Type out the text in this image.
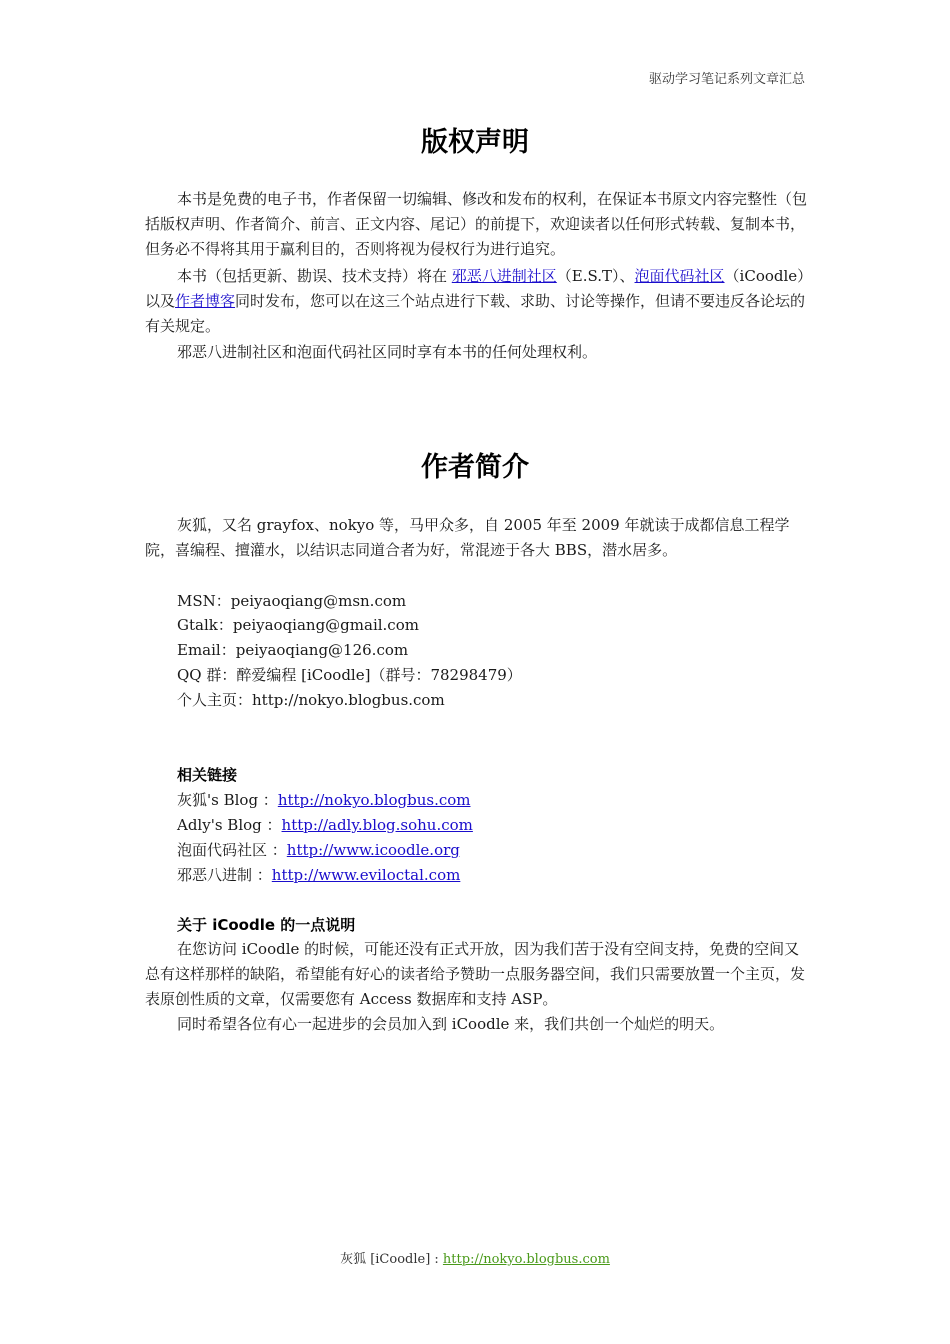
驱动学习笔记系列文章汇总
版权声明

本书是免费的电子书，作者保留一切编辑、修改和发布的权利，在保证本书原文内容完整性（包括版权声明、作者简介、前言、正文内容、尾记）的前提下，欢迎读者以任何形式转载、复制本书，但务必不得将其用于赢利目的，否则将视为侵权行为进行追究。

本书（包括更新、勘误、技术支持）将在 邪恶八进制社区（E.S.T）、泡面代码社区（iCoodle）以及作者博客同时发布，您可以在这三个站点进行下载、求助、讨论等操作，但请不要违反各论坛的有关规定。

邪恶八进制社区和泡面代码社区同时享有本书的任何处理权利。

作者简介

灰狐，又名 grayfox、nokyo 等，马甲众多，自 2005 年至 2009 年就读于成都信息工程学院，喜编程、擅灌水，以结识志同道合者为好，常混迹于各大 BBS，潜水居多。

MSN：peiyaoqiang@msn.com
Gtalk：peiyaoqiang@gmail.com
Email：peiyaoqiang@126.com
QQ 群：醉爱编程 [iCoodle]（群号：78298479）
个人主页：http://nokyo.blogbus.com
相关链接
灰狐's Blog ：http://nokyo.blogbus.com
Adly's Blog ：http://adly.blog.sohu.com
泡面代码社区 ：http://www.icoodle.org
邪恶八进制 ：http://www.eviloctal.com
关于 iCoodle 的一点说明

在您访问 iCoodle 的时候，可能还没有正式开放，因为我们苦于没有空间支持，免费的空间又总有这样那样的缺陷，希望能有好心的读者给予赞助一点服务器空间，我们只需要放置一个主页，发表原创性质的文章，仅需要您有 Access 数据库和支持 ASP。

同时希望各位有心一起进步的会员加入到 iCoodle 来，我们共创一个灿烂的明天。

灰狐 [iCoodle] : http://nokyo.blogbus.com
